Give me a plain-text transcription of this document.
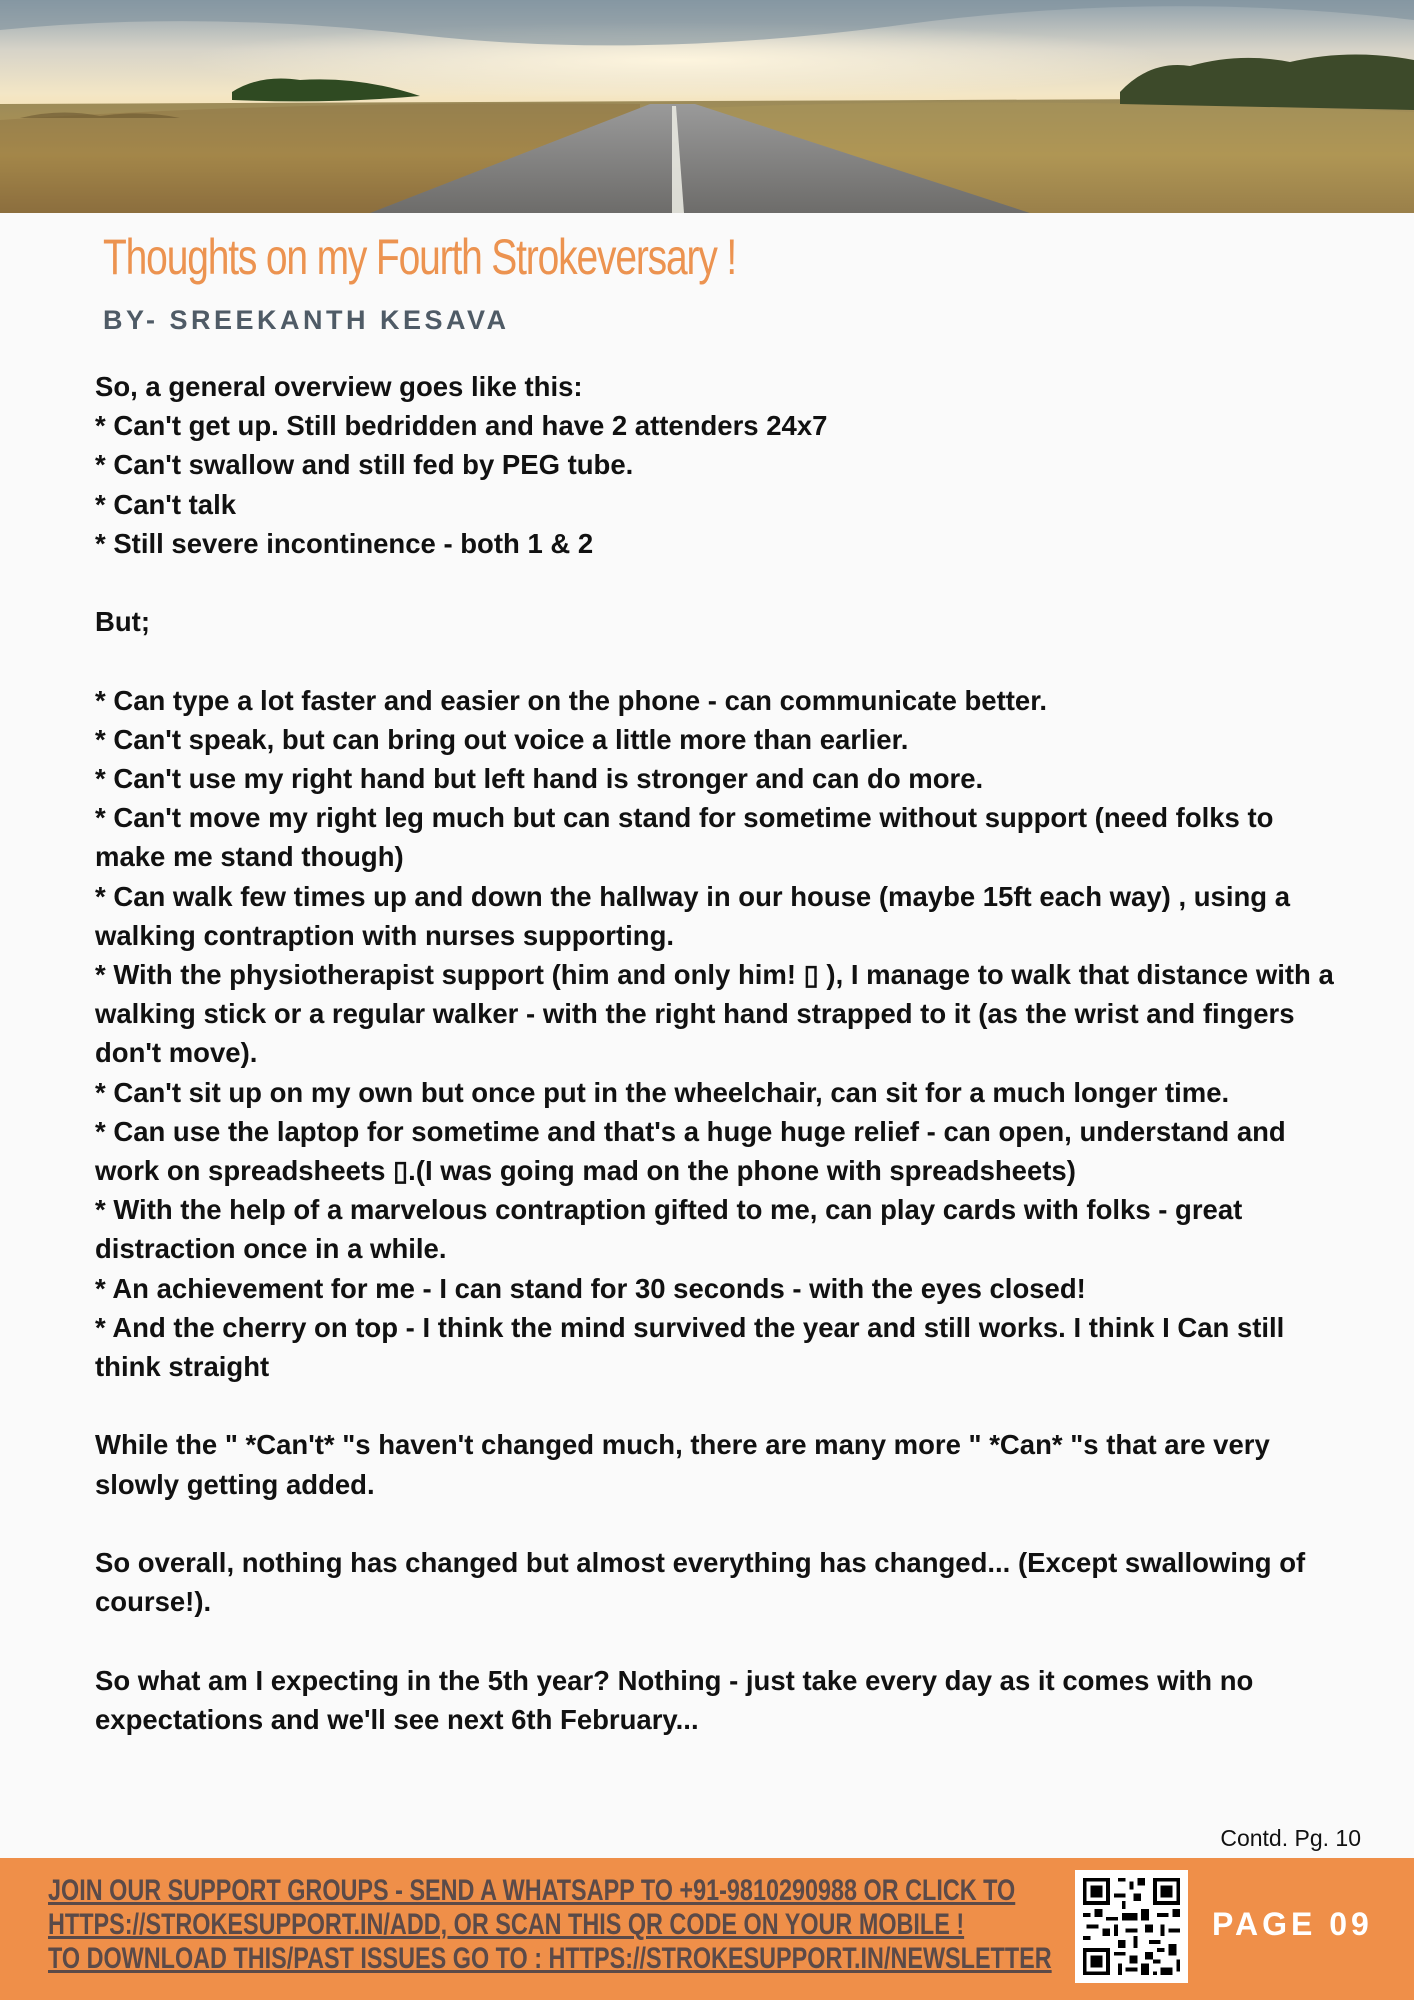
Thoughts on my Fourth Strokeversary !
BY- SREEKANTH KESAVA

So, a general overview goes like this:

* Can't get up. Still bedridden and have 2 attenders 24x7

* Can't swallow and still fed by PEG tube.

* Can't talk

* Still severe incontinence - both 1 & 2

But;

* Can type a lot faster and easier on the phone - can communicate better.

* Can't speak, but can bring out voice a little more than earlier.

* Can't use my right hand but left hand is stronger and can do more.

* Can't move my right leg much but can stand for sometime without support (need folks to make me stand though)

* Can walk few times up and down the hallway in our house (maybe 15ft each way) , using a walking contraption with nurses supporting.

* With the physiotherapist support (him and only him! ▯ ), I manage to walk that distance with a walking stick or a regular walker - with the right hand strapped to it (as the wrist and fingers don't move).

* Can't sit up on my own but once put in the wheelchair, can sit for a much longer time.

* Can use the laptop for sometime and that's a huge huge relief - can open, understand and work on spreadsheets ▯.(I was going mad on the phone with spreadsheets)

* With the help of a marvelous contraption gifted to me, can play cards with folks - great distraction once in a while.

* An achievement for me - I can stand for 30 seconds - with the eyes closed!

* And the cherry on top - I think the mind survived the year and still works. I think I Can still think straight

While the " *Can't* "s haven't changed much, there are many more " *Can* "s that are very slowly getting added.

So overall, nothing has changed but almost everything has changed... (Except swallowing of course!).

So what am I expecting in the 5th year? Nothing - just take every day as it comes with no expectations and we'll see next 6th February...

Contd. Pg. 10
JOIN OUR SUPPORT GROUPS - SEND A WHATSAPP TO +91-9810290988 OR CLICK TO
HTTPS://STROKESUPPORT.IN/ADD, OR SCAN THIS QR CODE ON YOUR MOBILE !
TO DOWNLOAD THIS/PAST ISSUES GO TO : HTTPS://STROKESUPPORT.IN/NEWSLETTER
PAGE 09
